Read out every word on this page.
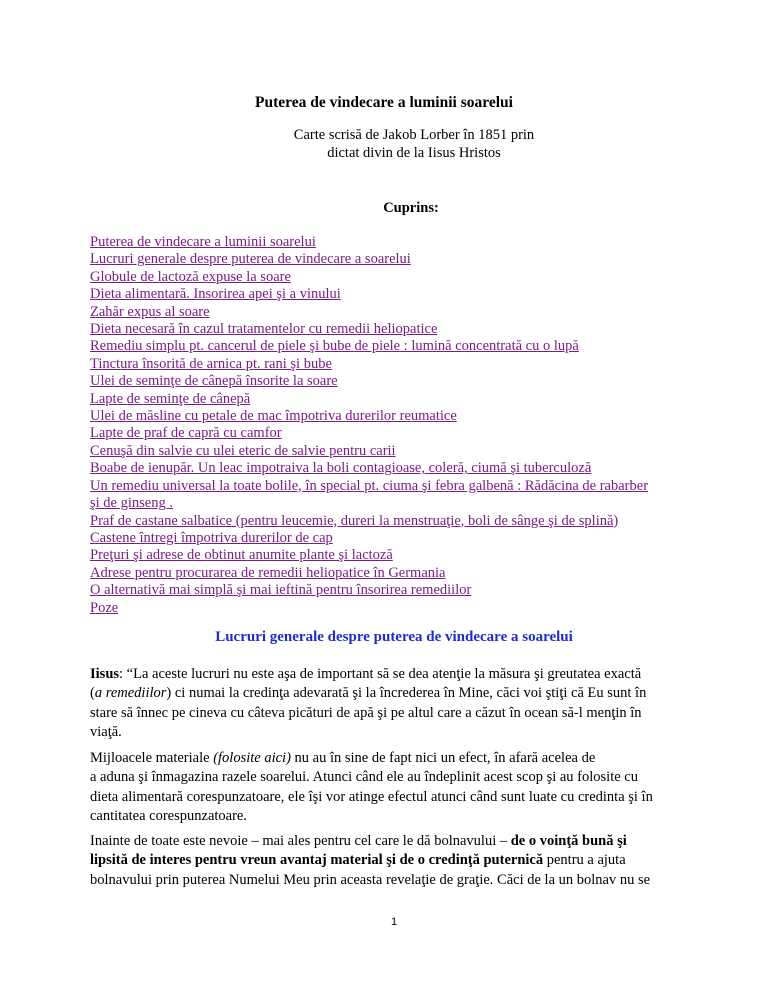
Puterea de vindecare a luminii soarelui
Carte scrisă de Jakob Lorber în 1851 prin
dictat divin de la Iisus Hristos
Cuprins:
Puterea de vindecare a luminii soarelui
Lucruri generale despre puterea de vindecare a soarelui
Globule de lactoză expuse la soare
Dieta alimentară. Insorirea apei şi a vinului
Zahăr expus al soare
Dieta necesară în cazul tratamentelor cu remedii heliopatice
Remediu simplu pt. cancerul de piele şi bube de piele : lumină concentrată cu o lupă
Tinctura însorită de arnica pt. rani şi bube
Ulei de seminţe de cânepă însorite la soare
Lapte de seminţe de cânepă
Ulei de măsline cu petale de mac împotriva durerilor reumatice
Lapte de praf de capră cu camfor
Cenuşă din salvie cu ulei eteric de salvie pentru carii
Boabe de ienupăr. Un leac impotraiva la boli contagioase, coleră, ciumă şi tuberculoză
Un remediu universal la toate bolile, în special pt. ciuma şi febra galbenă : Rădăcina de rabarber
şi de ginseng .
Praf de castane salbatice (pentru leucemie, dureri la menstruaţie, boli de sânge şi de splină)
Castene întregi împotriva durerilor de cap
Preţuri şi adrese de obtinut anumite plante şi lactoză
Adrese pentru procurarea de remedii heliopatice în Germania
O alternativă mai simplă şi mai ieftină pentru însorirea remediilor
Poze
Lucruri generale despre puterea de vindecare a soarelui
Iisus: “La aceste lucruri nu este aşa de important să se dea atenţie la măsura şi greutatea exactă
(a remediilor) ci numai la credinţa adevarată şi la încrederea în Mine, căci voi ştiţi că Eu sunt în
stare să înnec pe cineva cu câteva picături de apă şi pe altul care a căzut în ocean să-l menţin în
viaţă.
Mijloacele materiale (folosite aici) nu au în sine de fapt nici un efect, în afară acelea de
a aduna şi înmagazina razele soarelui. Atunci când ele au îndeplinit acest scop şi au folosite cu
dieta alimentară corespunzatoare, ele îşi vor atinge efectul atunci când sunt luate cu credinta şi în
cantitatea corespunzatoare.
Inainte de toate este nevoie – mai ales pentru cel care le dă bolnavului – de o voinţă bună şi
lipsită de interes pentru vreun avantaj material şi de o credinţă puternică pentru a ajuta
bolnavului prin puterea Numelui Meu prin aceasta revelaţie de graţie. Căci de la un bolnav nu se
1
